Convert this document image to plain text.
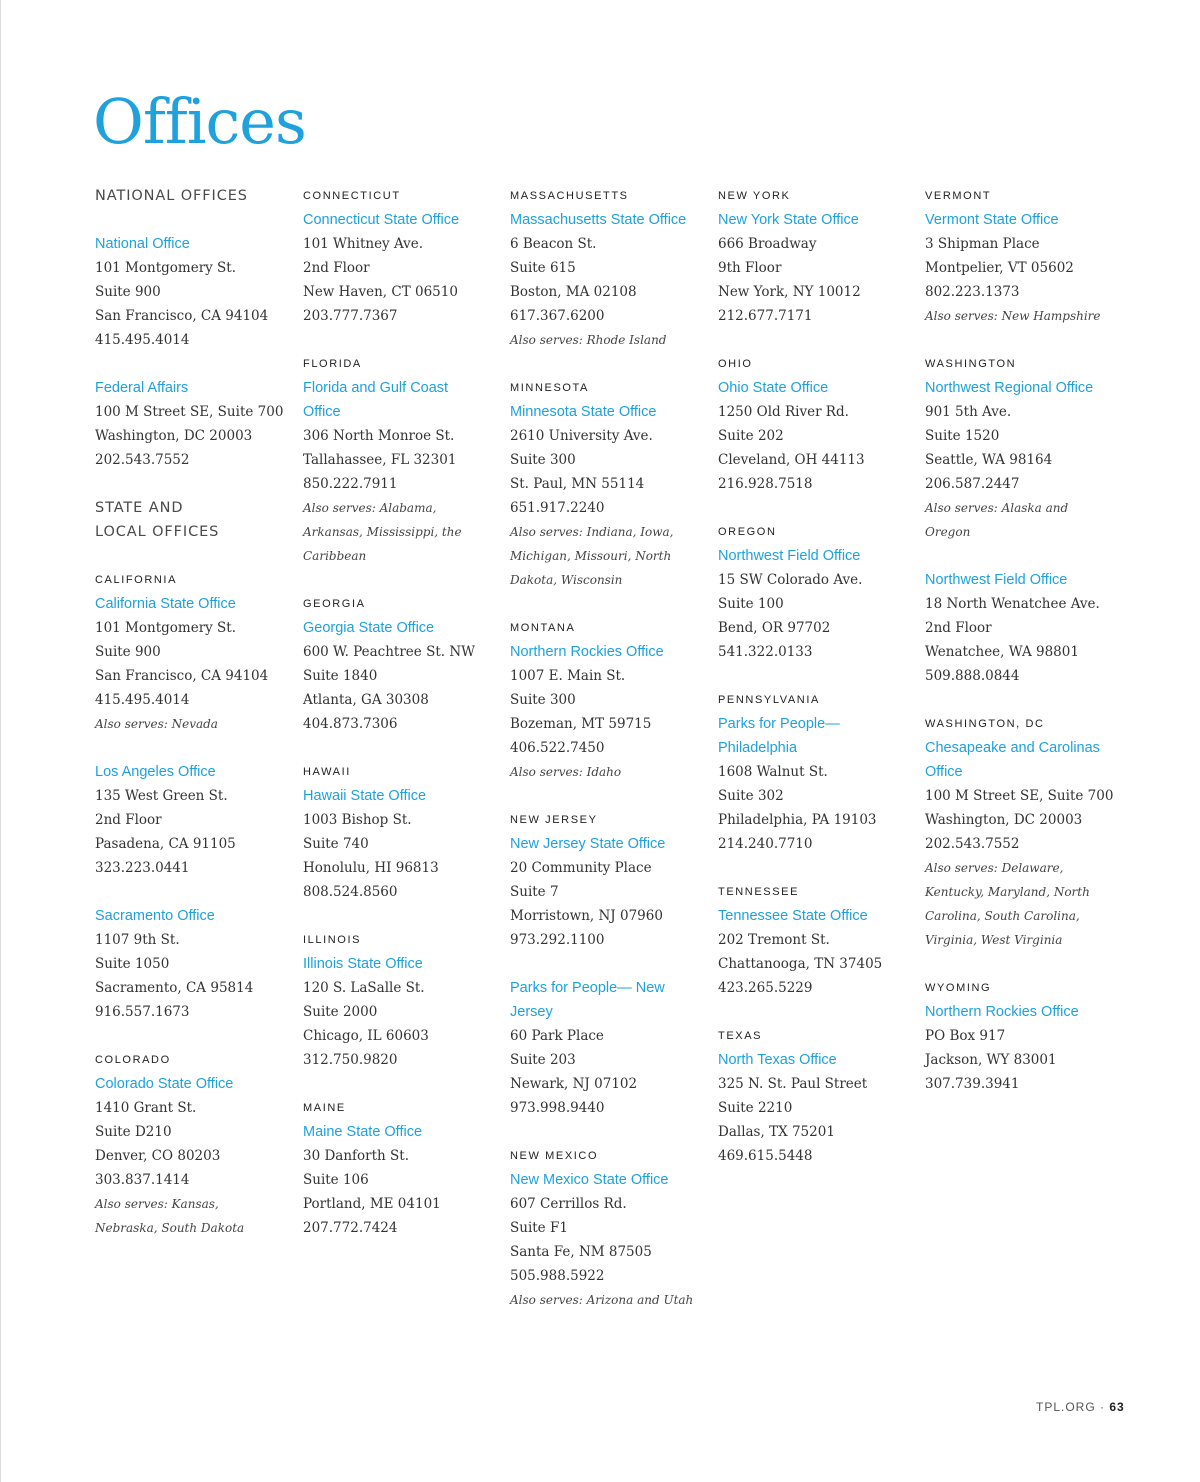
Offices
NATIONAL OFFICES
National Office
101 Montgomery St.
Suite 900
San Francisco, CA 94104
415.495.4014
Federal Affairs
100 M Street SE, Suite 700
Washington, DC 20003
202.543.7552
STATE AND LOCAL OFFICES
CALIFORNIA
California State Office
101 Montgomery St.
Suite 900
San Francisco, CA 94104
415.495.4014
Also serves: Nevada
Los Angeles Office
135 West Green St.
2nd Floor
Pasadena, CA 91105
323.223.0441
Sacramento Office
1107 9th St.
Suite 1050
Sacramento, CA 95814
916.557.1673
COLORADO
Colorado State Office
1410 Grant St.
Suite D210
Denver, CO 80203
303.837.1414
Also serves: Kansas, Nebraska, South Dakota
CONNECTICUT
Connecticut State Office
101 Whitney Ave.
2nd Floor
New Haven, CT 06510
203.777.7367
FLORIDA
Florida and Gulf Coast Office
306 North Monroe St.
Tallahassee, FL 32301
850.222.7911
Also serves: Alabama, Arkansas, Mississippi, the Caribbean
GEORGIA
Georgia State Office
600 W. Peachtree St. NW
Suite 1840
Atlanta, GA 30308
404.873.7306
HAWAII
Hawaii State Office
1003 Bishop St.
Suite 740
Honolulu, HI 96813
808.524.8560
ILLINOIS
Illinois State Office
120 S. LaSalle St.
Suite 2000
Chicago, IL 60603
312.750.9820
MAINE
Maine State Office
30 Danforth St.
Suite 106
Portland, ME 04101
207.772.7424
MASSACHUSETTS
Massachusetts State Office
6 Beacon St.
Suite 615
Boston, MA 02108
617.367.6200
Also serves: Rhode Island
MINNESOTA
Minnesota State Office
2610 University Ave.
Suite 300
St. Paul, MN 55114
651.917.2240
Also serves: Indiana, Iowa, Michigan, Missouri, North Dakota, Wisconsin
MONTANA
Northern Rockies Office
1007 E. Main St.
Suite 300
Bozeman, MT 59715
406.522.7450
Also serves: Idaho
NEW JERSEY
New Jersey State Office
20 Community Place
Suite 7
Morristown, NJ 07960
973.292.1100
Parks for People— New Jersey
60 Park Place
Suite 203
Newark, NJ 07102
973.998.9440
NEW MEXICO
New Mexico State Office
607 Cerrillos Rd.
Suite F1
Santa Fe, NM 87505
505.988.5922
Also serves: Arizona and Utah
NEW YORK
New York State Office
666 Broadway
9th Floor
New York, NY 10012
212.677.7171
OHIO
Ohio State Office
1250 Old River Rd.
Suite 202
Cleveland, OH 44113
216.928.7518
OREGON
Northwest Field Office
15 SW Colorado Ave.
Suite 100
Bend, OR 97702
541.322.0133
PENNSYLVANIA
Parks for People— Philadelphia
1608 Walnut St.
Suite 302
Philadelphia, PA 19103
214.240.7710
TENNESSEE
Tennessee State Office
202 Tremont St.
Chattanooga, TN 37405
423.265.5229
TEXAS
North Texas Office
325 N. St. Paul Street
Suite 2210
Dallas, TX 75201
469.615.5448
VERMONT
Vermont State Office
3 Shipman Place
Montpelier, VT 05602
802.223.1373
Also serves: New Hampshire
WASHINGTON
Northwest Regional Office
901 5th Ave.
Suite 1520
Seattle, WA 98164
206.587.2447
Also serves: Alaska and Oregon
Northwest Field Office
18 North Wenatchee Ave.
2nd Floor
Wenatchee, WA 98801
509.888.0844
WASHINGTON, DC
Chesapeake and Carolinas Office
100 M Street SE, Suite 700
Washington, DC 20003
202.543.7552
Also serves: Delaware, Kentucky, Maryland, North Carolina, South Carolina, Virginia, West Virginia
WYOMING
Northern Rockies Office
PO Box 917
Jackson, WY 83001
307.739.3941
TPL.ORG · 63
